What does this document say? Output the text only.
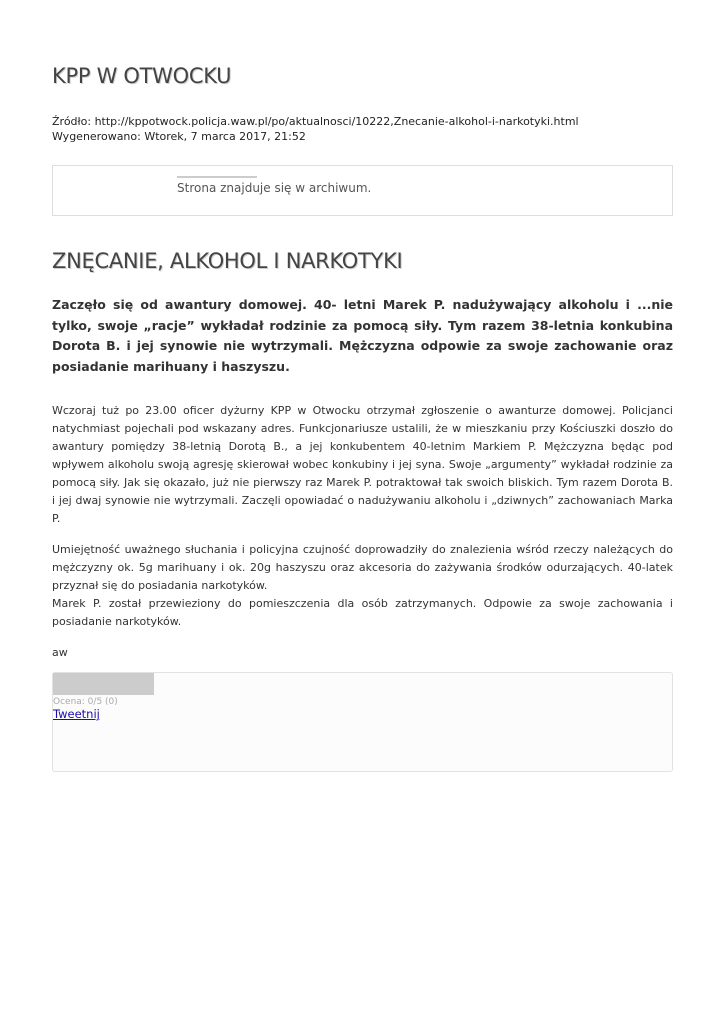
KPP W OTWOCKU
Źródło: http://kppotwock.policja.waw.pl/po/aktualnosci/10222,Znecanie-alkohol-i-narkotyki.html
Wygenerowano: Wtorek, 7 marca 2017, 21:52
Strona znajduje się w archiwum.
ZNĘCANIE, ALKOHOL I NARKOTYKI

Zaczęło się od awantury domowej. 40- letni Marek P. nadużywający alkoholu i ...nie tylko, swoje „racje” wykładał rodzinie za pomocą siły. Tym razem 38-letnia konkubina Dorota B. i jej synowie nie wytrzymali. Mężczyzna odpowie za swoje zachowanie oraz posiadanie marihuany i haszyszu.

Wczoraj tuż po 23.00 oficer dyżurny KPP w Otwocku otrzymał zgłoszenie o awanturze domowej. Policjanci natychmiast pojechali pod wskazany adres. Funkcjonariusze ustalili, że w mieszkaniu przy Kościuszki doszło do awantury pomiędzy 38-letnią Dorotą B., a jej konkubentem 40-letnim Markiem P. Mężczyzna będąc pod wpływem alkoholu swoją agresję skierował wobec konkubiny i jej syna. Swoje „argumenty” wykładał rodzinie za pomocą siły. Jak się okazało, już nie pierwszy raz Marek P. potraktował tak swoich bliskich. Tym razem Dorota B. i jej dwaj synowie nie wytrzymali. Zaczęli opowiadać o nadużywaniu alkoholu i „dziwnych” zachowaniach Marka P.

Umiejętność uważnego słuchania i policyjna czujność doprowadziły do znalezienia wśród rzeczy należących do mężczyzny ok. 5g marihuany i ok. 20g haszyszu oraz akcesoria do zażywania środków odurzających. 40-latek przyznał się do posiadania narkotyków.
Marek P. został przewieziony do pomieszczenia dla osób zatrzymanych. Odpowie za swoje zachowania i posiadanie narkotyków.

aw

Ocena: 0/5 (0)
Tweetnij
